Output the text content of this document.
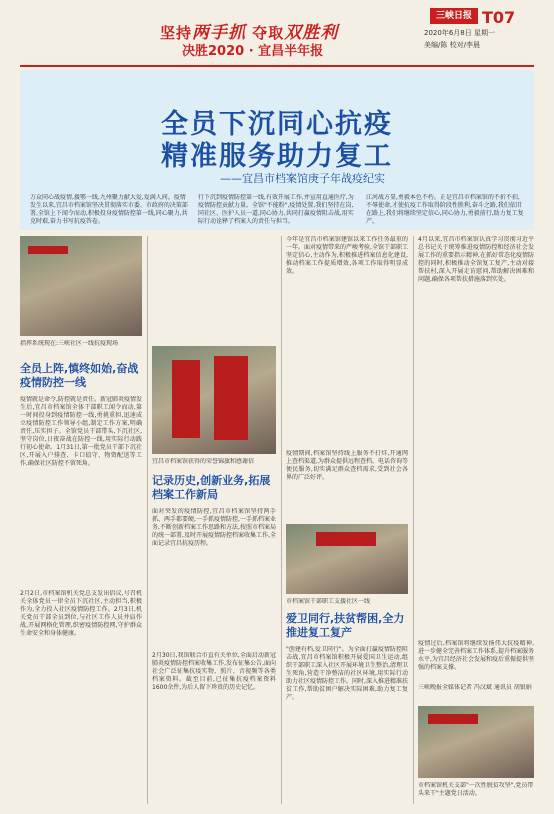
坚持两手抓 夺取双胜利
决胜2020 · 宜昌半年报
三峡日报 T07
2020年6月8日 星期一
美编/陈 校对/李晨
全员下沉同心抗疫
精准服务助力复工
——宜昌市档案馆庚子年战疫纪实
万众同心战疫情,援鄂一线,九州聚力献大爱,爱满人间。疫情发生以来,宜昌市档案馆坚决贯彻落实市委、市政府的决策部署,全馆上下闻令而动,积极投身疫情防控第一线,同心聚力,共克时艰,奋力书写抗疫答卷。
行下沉到疫情防控第一线,有效开展工作,并宣用直通医疗,为疫情防控贡献力量。全馆"不能粉",疫情处置,我们坚持在岗,同社区、医护人员一道,同心协力,共同打赢疫情阻击战,用实际行动诠释了档案人的责任与担当。
江河战方显,勇毅本色不朽。正是宜昌市档案馆的不折不扣,不辱使命,才使抗疫工作取得阶段性胜利,奋斗之路,我们依旧在路上,我们将继续坚定信心,同心协力,勇毅前行,助力复工复产。
指挥系统现在:三峡社区一线抗疫现场
全员上阵,慎终如始,奋战疫情防控一线
疫情就是命令,防控就是责任。新冠肺炎疫情发生后,宜昌市档案馆全体干部职工闻令而动,第一时间投身到疫情防控一线,勇挑重担,迅速成立疫情防控工作领导小组,制定工作方案,明确责任,压实担子。全馆党员干部带头,下沉社区,坚守岗位,日夜奋战在防控一线,用实际行动践行初心使命。1月31日,第一批党员干部下沉社区,开展入户排查、卡口值守、物资配送等工作,确保社区防控不留死角。
2月2日,市档案馆机关党总支发出倡议,号召机关全体党员一律全员下沉社区,主动担当,积极作为,全力投入社区疫情防控工作。2月3日,机关党员干部全员到位,与社区工作人员并肩作战,开展网格化管理,织密疫情防控网,守护群众生命安全和身体健康。
宜昌市档案馆获得的荣誉锦旗和感谢信
记录历史,创新业务,拓展档案工作新局
面对突发的疫情防控,宜昌市档案馆坚持两手抓、两手都要硬,一手抓疫情防控,一手抓档案业务,不断创新档案工作思路和方法,按照市档案局的统一部署,及时开展疫情防控档案收集工作,全面记录宜昌抗疫历程。
2月30日,我馆联合市直有关单位,全面启动新冠肺炎疫情防控档案收集工作,发布征集公告,面向社会广泛征集抗疫实物、照片、音视频等各类档案资料。截至目前,已征集抗疫档案资料1600余件,为后人留下珍贵的历史记忆。
今年是宜昌市档案馆建馆以来工作任务最重的一年。面对疫情带来的严峻考验,全馆干部职工坚定信心,主动作为,积极推进档案信息化建设,推动档案工作提质增效,各项工作取得明显成效。
疫情期间,档案馆坚持线上服务不打烊,开通网上查档渠道,为群众提供远程查档、电话咨询等便民服务,切实满足群众查档需求,受到社会各界的广泛好评。
市档案馆干部职工支援社区一线
爱卫同行,扶贫帮困,全力推进复工复产
"创建有档,爱卫同行"。为全面打赢疫情防控阻击战,宜昌市档案馆积极开展爱国卫生运动,组织干部职工深入社区开展环境卫生整治,清理卫生死角,营造干净整洁的社区环境,用实际行动助力社区疫情防控工作。同时,深入推进精准扶贫工作,帮助贫困户解决实际困难,助力复工复产。
4月以来,宜昌市档案馆认真学习贯彻习近平总书记关于统筹推进疫情防控和经济社会发展工作的重要指示精神,在抓好常态化疫情防控的同时,积极推动全馆复工复产,主动对接帮扶村,深入开展走访慰问,帮助解决困难和问题,确保各项帮扶措施落到实处。
疫情过后,档案馆将继续发扬伟大抗疫精神,进一步健全完善档案工作体系,提升档案服务水平,为宜昌经济社会发展和疫后重振提供坚强的档案支撑。
三峡晚报全媒体记者 冯汉斌 通讯员 胡银娟
市档案馆机关支部"一次性脱贫攻坚",党员带头来干"主题党日活动。
